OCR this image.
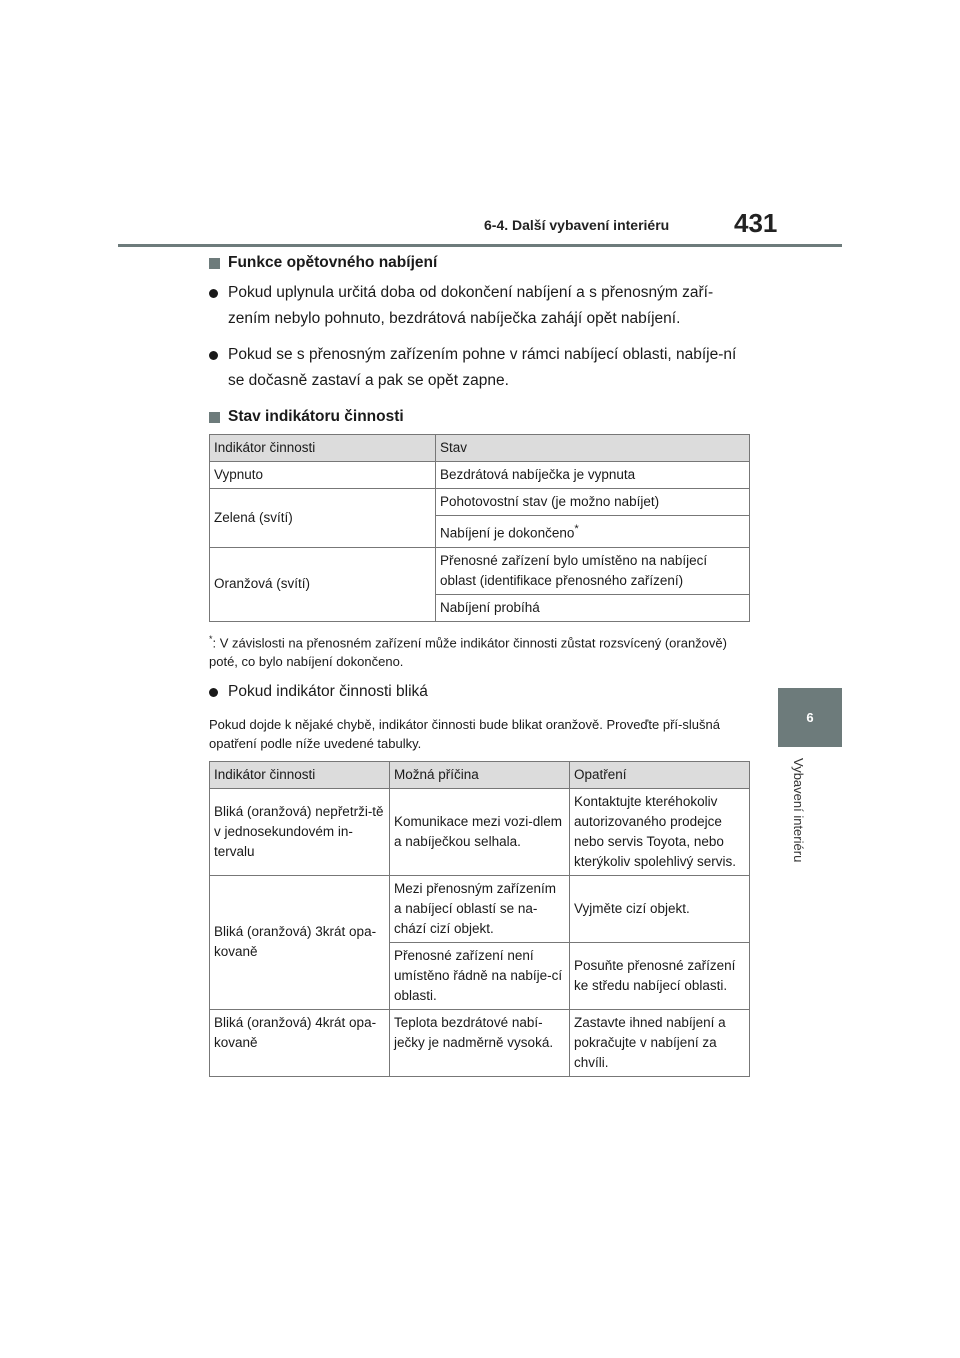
6-4. Další vybavení interiéru 431
6
Vybavení interiéru
Funkce opětovného nabíjení
Pokud uplynula určitá doba od dokončení nabíjení a s přenosným zaří-zením nebylo pohnuto, bezdrátová nabíječka zahájí opět nabíjení.
Pokud se s přenosným zařízením pohne v rámci nabíjecí oblasti, nabíje-ní se dočasně zastaví a pak se opět zapne.
Stav indikátoru činnosti
Indikátor činnosti	Stav
Vypnuto	Bezdrátová nabíječka je vypnuta
Zelená (svítí)	Pohotovostní stav (je možno nabíjet)
	Nabíjení je dokončeno*
Oranžová (svítí)	Přenosné zařízení bylo umístěno na nabíjecí oblast (identifikace přenosného zařízení)
	Nabíjení probíhá
*: V závislosti na přenosném zařízení může indikátor činnosti zůstat rozsvícený (oranžově) poté, co bylo nabíjení dokončeno.
Pokud indikátor činnosti bliká
Pokud dojde k nějaké chybě, indikátor činnosti bude blikat oranžově. Proveďte pří-slušná opatření podle níže uvedené tabulky.
Indikátor činnosti	Možná příčina	Opatření
Bliká (oranžová) nepřetrži-tě v jednosekundovém in-tervalu	Komunikace mezi vozi-dlem a nabíječkou selhala.	Kontaktujte kteréhokoliv autorizovaného prodejce nebo servis Toyota, nebo kterýkoliv spolehlivý servis.
Bliká (oranžová) 3krát opa-kovaně	Mezi přenosným zařízením a nabíjecí oblastí se na-chází cizí objekt.	Vyjměte cizí objekt.
	Přenosné zařízení není umístěno řádně na nabíje-cí oblasti.	Posuňte přenosné zařízení ke středu nabíjecí oblasti.
Bliká (oranžová) 4krát opa-kovaně	Teplota bezdrátové nabí-ječky je nadměrně vysoká.	Zastavte ihned nabíjení a pokračujte v nabíjení za chvíli.
